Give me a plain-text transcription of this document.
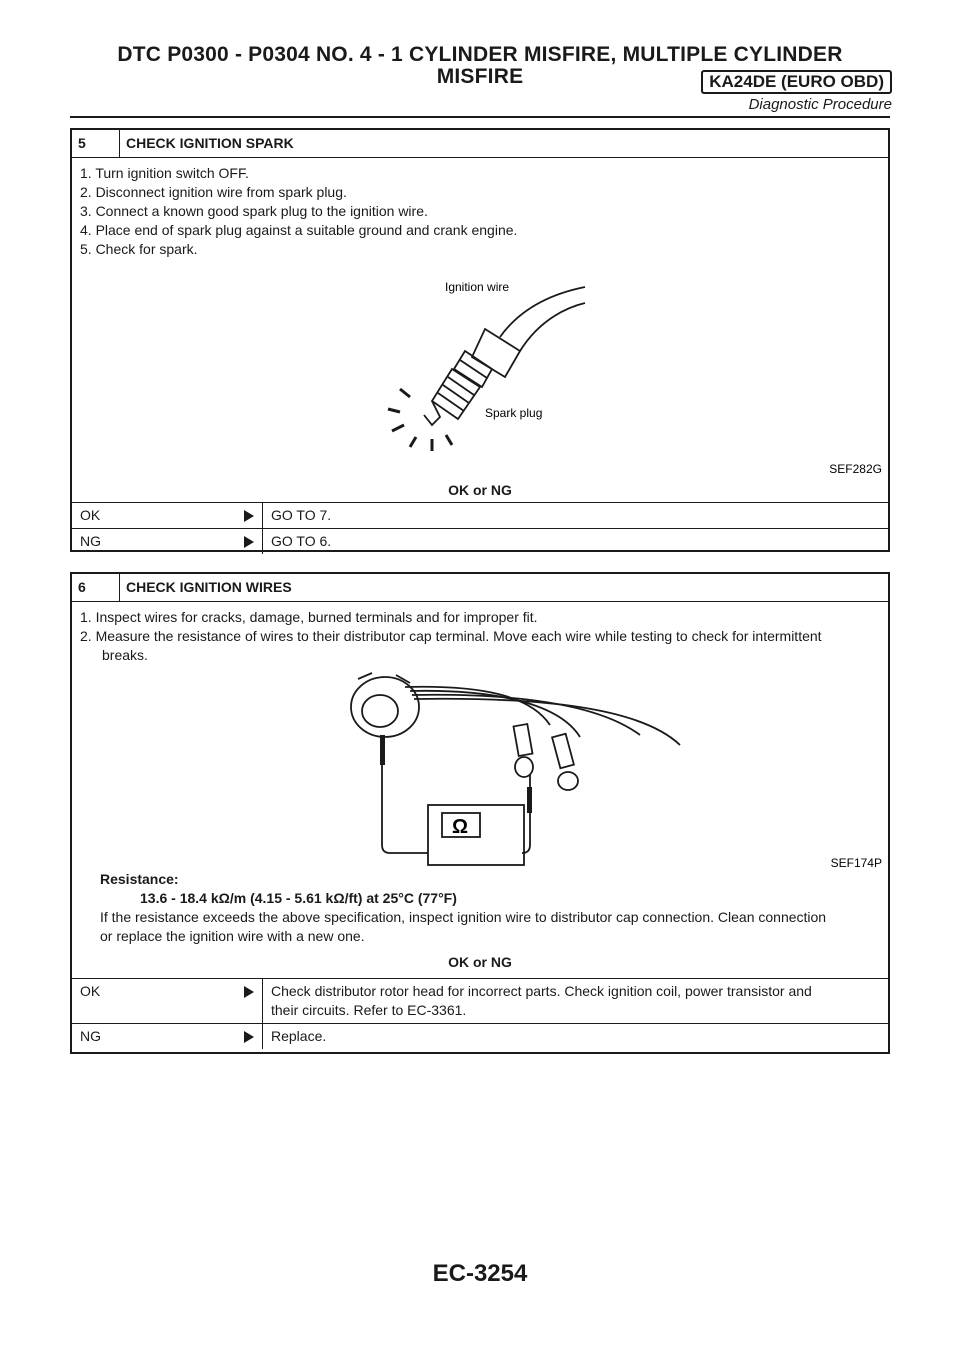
DTC P0300 - P0304 NO. 4 - 1 CYLINDER MISFIRE, MULTIPLE CYLINDER
MISFIRE	KA24DE (EURO OBD)
Diagnostic Procedure
5	CHECK IGNITION SPARK
1. Turn ignition switch OFF.
2. Disconnect ignition wire from spark plug.
3. Connect a known good spark plug to the ignition wire.
4. Place end of spark plug against a suitable ground and crank engine.
5. Check for spark.
Ignition wire
Spark plug
SEF282G
OK or NG
OK	GO TO 7.
NG	GO TO 6.
6	CHECK IGNITION WIRES
1. Inspect wires for cracks, damage, burned terminals and for improper fit.
2. Measure the resistance of wires to their distributor cap terminal. Move each wire while testing to check for intermittent
breaks.
Ω
SEF174P
Resistance:
13.6 - 18.4 kΩ/m (4.15 - 5.61 kΩ/ft) at 25°C (77°F)
If the resistance exceeds the above specification, inspect ignition wire to distributor cap connection. Clean connection
or replace the ignition wire with a new one.
OK or NG
OK	Check distributor rotor head for incorrect parts. Check ignition coil, power transistor and
their circuits. Refer to EC-3361.
NG	Replace.
EC-3254
